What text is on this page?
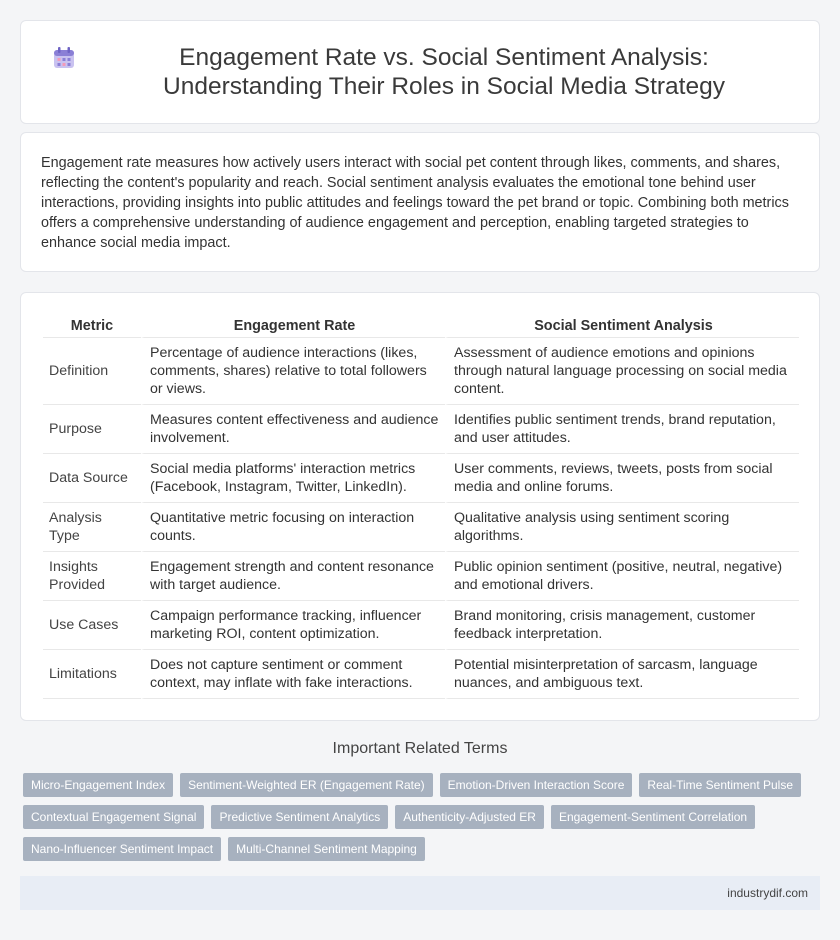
Engagement Rate vs. Social Sentiment Analysis: Understanding Their Roles in Social Media Strategy

Engagement rate measures how actively users interact with social pet content through likes, comments, and shares, reflecting the content's popularity and reach. Social sentiment analysis evaluates the emotional tone behind user interactions, providing insights into public attitudes and feelings toward the pet brand or topic. Combining both metrics offers a comprehensive understanding of audience engagement and perception, enabling targeted strategies to enhance social media impact.

Metric	Engagement Rate	Social Sentiment Analysis
Definition	Percentage of audience interactions (likes, comments, shares) relative to total followers or views.	Assessment of audience emotions and opinions through natural language processing on social media content.
Purpose	Measures content effectiveness and audience involvement.	Identifies public sentiment trends, brand reputation, and user attitudes.
Data Source	Social media platforms' interaction metrics (Facebook, Instagram, Twitter, LinkedIn).	User comments, reviews, tweets, posts from social media and online forums.
Analysis Type	Quantitative metric focusing on interaction counts.	Qualitative analysis using sentiment scoring algorithms.
Insights Provided	Engagement strength and content resonance with target audience.	Public opinion sentiment (positive, neutral, negative) and emotional drivers.
Use Cases	Campaign performance tracking, influencer marketing ROI, content optimization.	Brand monitoring, crisis management, customer feedback interpretation.
Limitations	Does not capture sentiment or comment context, may inflate with fake interactions.	Potential misinterpretation of sarcasm, language nuances, and ambiguous text.
Important Related Terms
Micro-Engagement Index	Sentiment-Weighted ER (Engagement Rate)	Emotion-Driven Interaction Score	Real-Time Sentiment Pulse
Contextual Engagement Signal	Predictive Sentiment Analytics	Authenticity-Adjusted ER	Engagement-Sentiment Correlation
Nano-Influencer Sentiment Impact	Multi-Channel Sentiment Mapping
industrydif.com
